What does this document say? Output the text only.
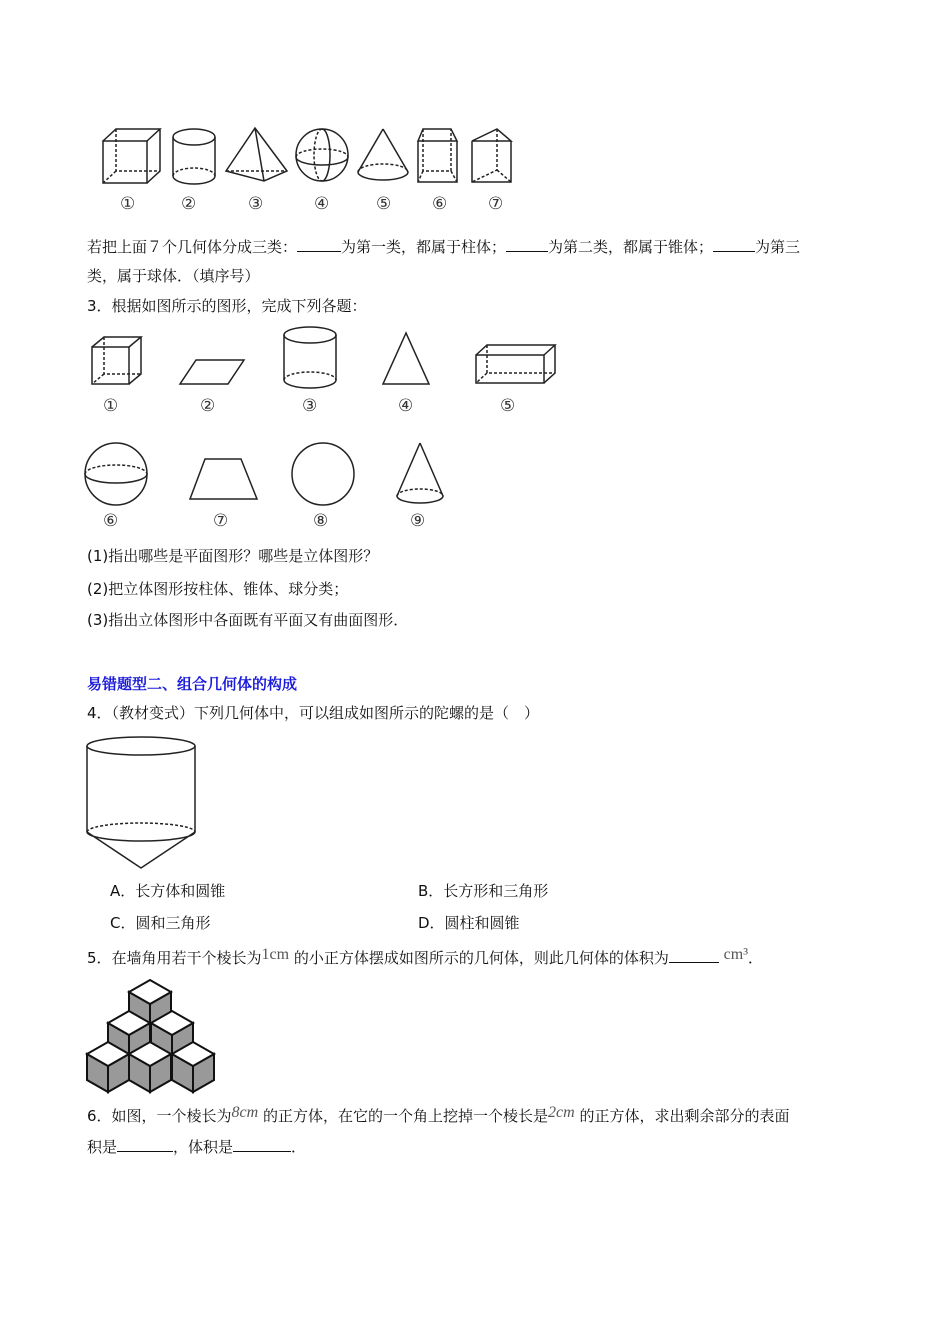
①	②	③	④	⑤ ⑥ ⑦
若把上面７个几何体分成三类：	为第一类，都属于柱体；	为第二类，都属于锥体；	为第三
类，属于球体．（填序号）
3．根据如图所示的图形，完成下列各题：
①	②	③	④	⑤
⑥	⑦	⑧	⑨
(1)指出哪些是平面图形？哪些是立体图形？
(2)把立体图形按柱体、锥体、球分类；
(3)指出立体图形中各面既有平面又有曲面图形．
易错题型二、组合几何体的构成
4．（教材变式）下列几何体中，可以组成如图所示的陀螺的是（　）
A．长方体和圆锥	B．长方形和三角形
C．圆和三角形	D．圆柱和圆锥
5．在墙角用若干个棱长为1cm 的小正方体摆成如图所示的几何体，则此几何体的体积为	cm³．
6．如图，一个棱长为8cm 的正方体，在它的一个角上挖掉一个棱长是2cm 的正方体，求出剩余部分的表面
积是	，体积是	．
